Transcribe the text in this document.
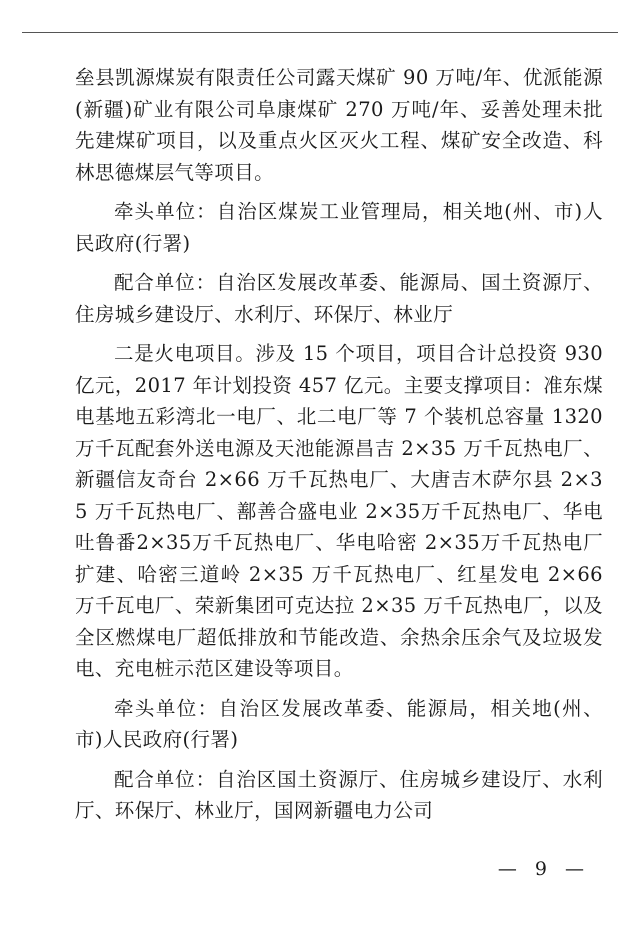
垒县凯源煤炭有限责任公司露天煤矿 90 万吨/年、优派能源(新疆)矿业有限公司阜康煤矿 270 万吨/年、妥善处理未批先建煤矿项目，以及重点火区灭火工程、煤矿安全改造、科林思德煤层气等项目。

牵头单位：自治区煤炭工业管理局，相关地(州、市)人民政府(行署)

配合单位：自治区发展改革委、能源局、国土资源厅、住房城乡建设厅、水利厅、环保厅、林业厅

二是火电项目。涉及 15 个项目，项目合计总投资 930 亿元，2017 年计划投资 457 亿元。主要支撑项目：准东煤电基地五彩湾北一电厂、北二电厂等 7 个装机总容量 1320 万千瓦配套外送电源及天池能源昌吉 2×35 万千瓦热电厂、新疆信友奇台 2×66 万千瓦热电厂、大唐吉木萨尔县 2×35 万千瓦热电厂、鄯善合盛电业 2×35万千瓦热电厂、华电吐鲁番2×35万千瓦热电厂、华电哈密 2×35万千瓦热电厂扩建、哈密三道岭 2×35 万千瓦热电厂、红星发电 2×66 万千瓦电厂、荣新集团可克达拉 2×35 万千瓦热电厂，以及全区燃煤电厂超低排放和节能改造、余热余压余气及垃圾发电、充电桩示范区建设等项目。

牵头单位：自治区发展改革委、能源局，相关地(州、市)人民政府(行署)

配合单位：自治区国土资源厅、住房城乡建设厅、水利厅、环保厅、林业厅，国网新疆电力公司

— 9 —
